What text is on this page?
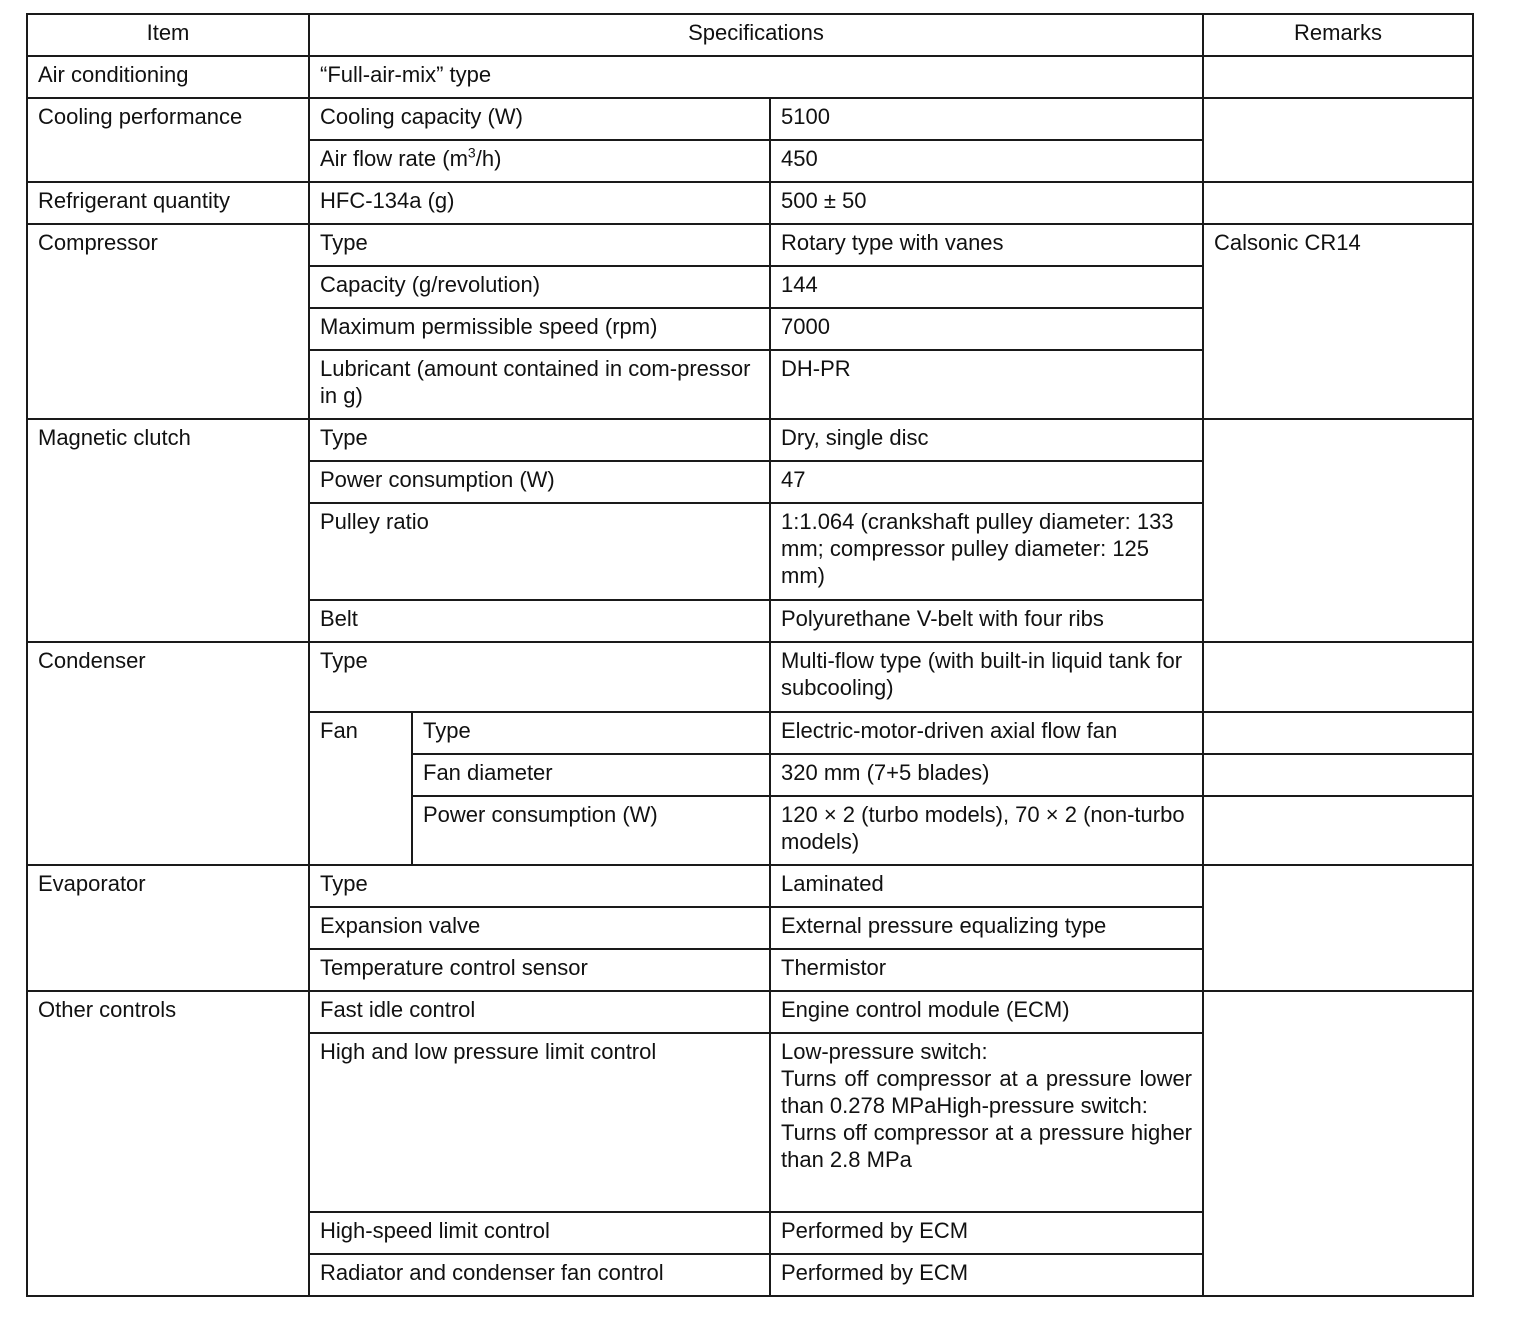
Item	Specifications			Remarks
Air conditioning	“Full-air-mix” type			
Cooling performance	Cooling capacity (W)		5100	
	Air flow rate $(m^3/h)$		450	
Refrigerant quantity	HFC-134a (g)		500 ± 50	
Compressor	Type		Rotary type with vanes	Calsonic CR14
	Capacity (g/revolution)		144	
	Maximum permissible speed (rpm)		7000	
	Lubricant (amount contained in com-pressor in g)		DH-PR	
Magnetic clutch	Type		Dry, single disc	
	Power consumption (W)		47	
	Pulley ratio		1:1.064 (crankshaft pulley diameter: 133 mm; compressor pulley diameter: 125 mm)	
	Belt		Polyurethane V-belt with four ribs	
Condenser	Type		Multi-flow type (with built-in liquid tank for subcooling)	
	Fan	Type	Electric-motor-driven axial flow fan	
		Fan diameter	320 mm (7+5 blades)	
		Power consumption (W)	120 × 2 (turbo models), 70 × 2 (non-turbo models)	
Evaporator	Type		Laminated	
	Expansion valve		External pressure equalizing type	
	Temperature control sensor		Thermistor	
Other controls	Fast idle control		Engine control module (ECM)	
	High and low pressure limit control		Low-pressure switch:
Turns off compressor at a pressure lower than 0.278 MPaHigh-pressure switch:
Turns off compressor at a pressure higher than 2.8 MPa	

	High-speed limit control		Performed by ECM	
	Radiator and condenser fan control		Performed by ECM	
